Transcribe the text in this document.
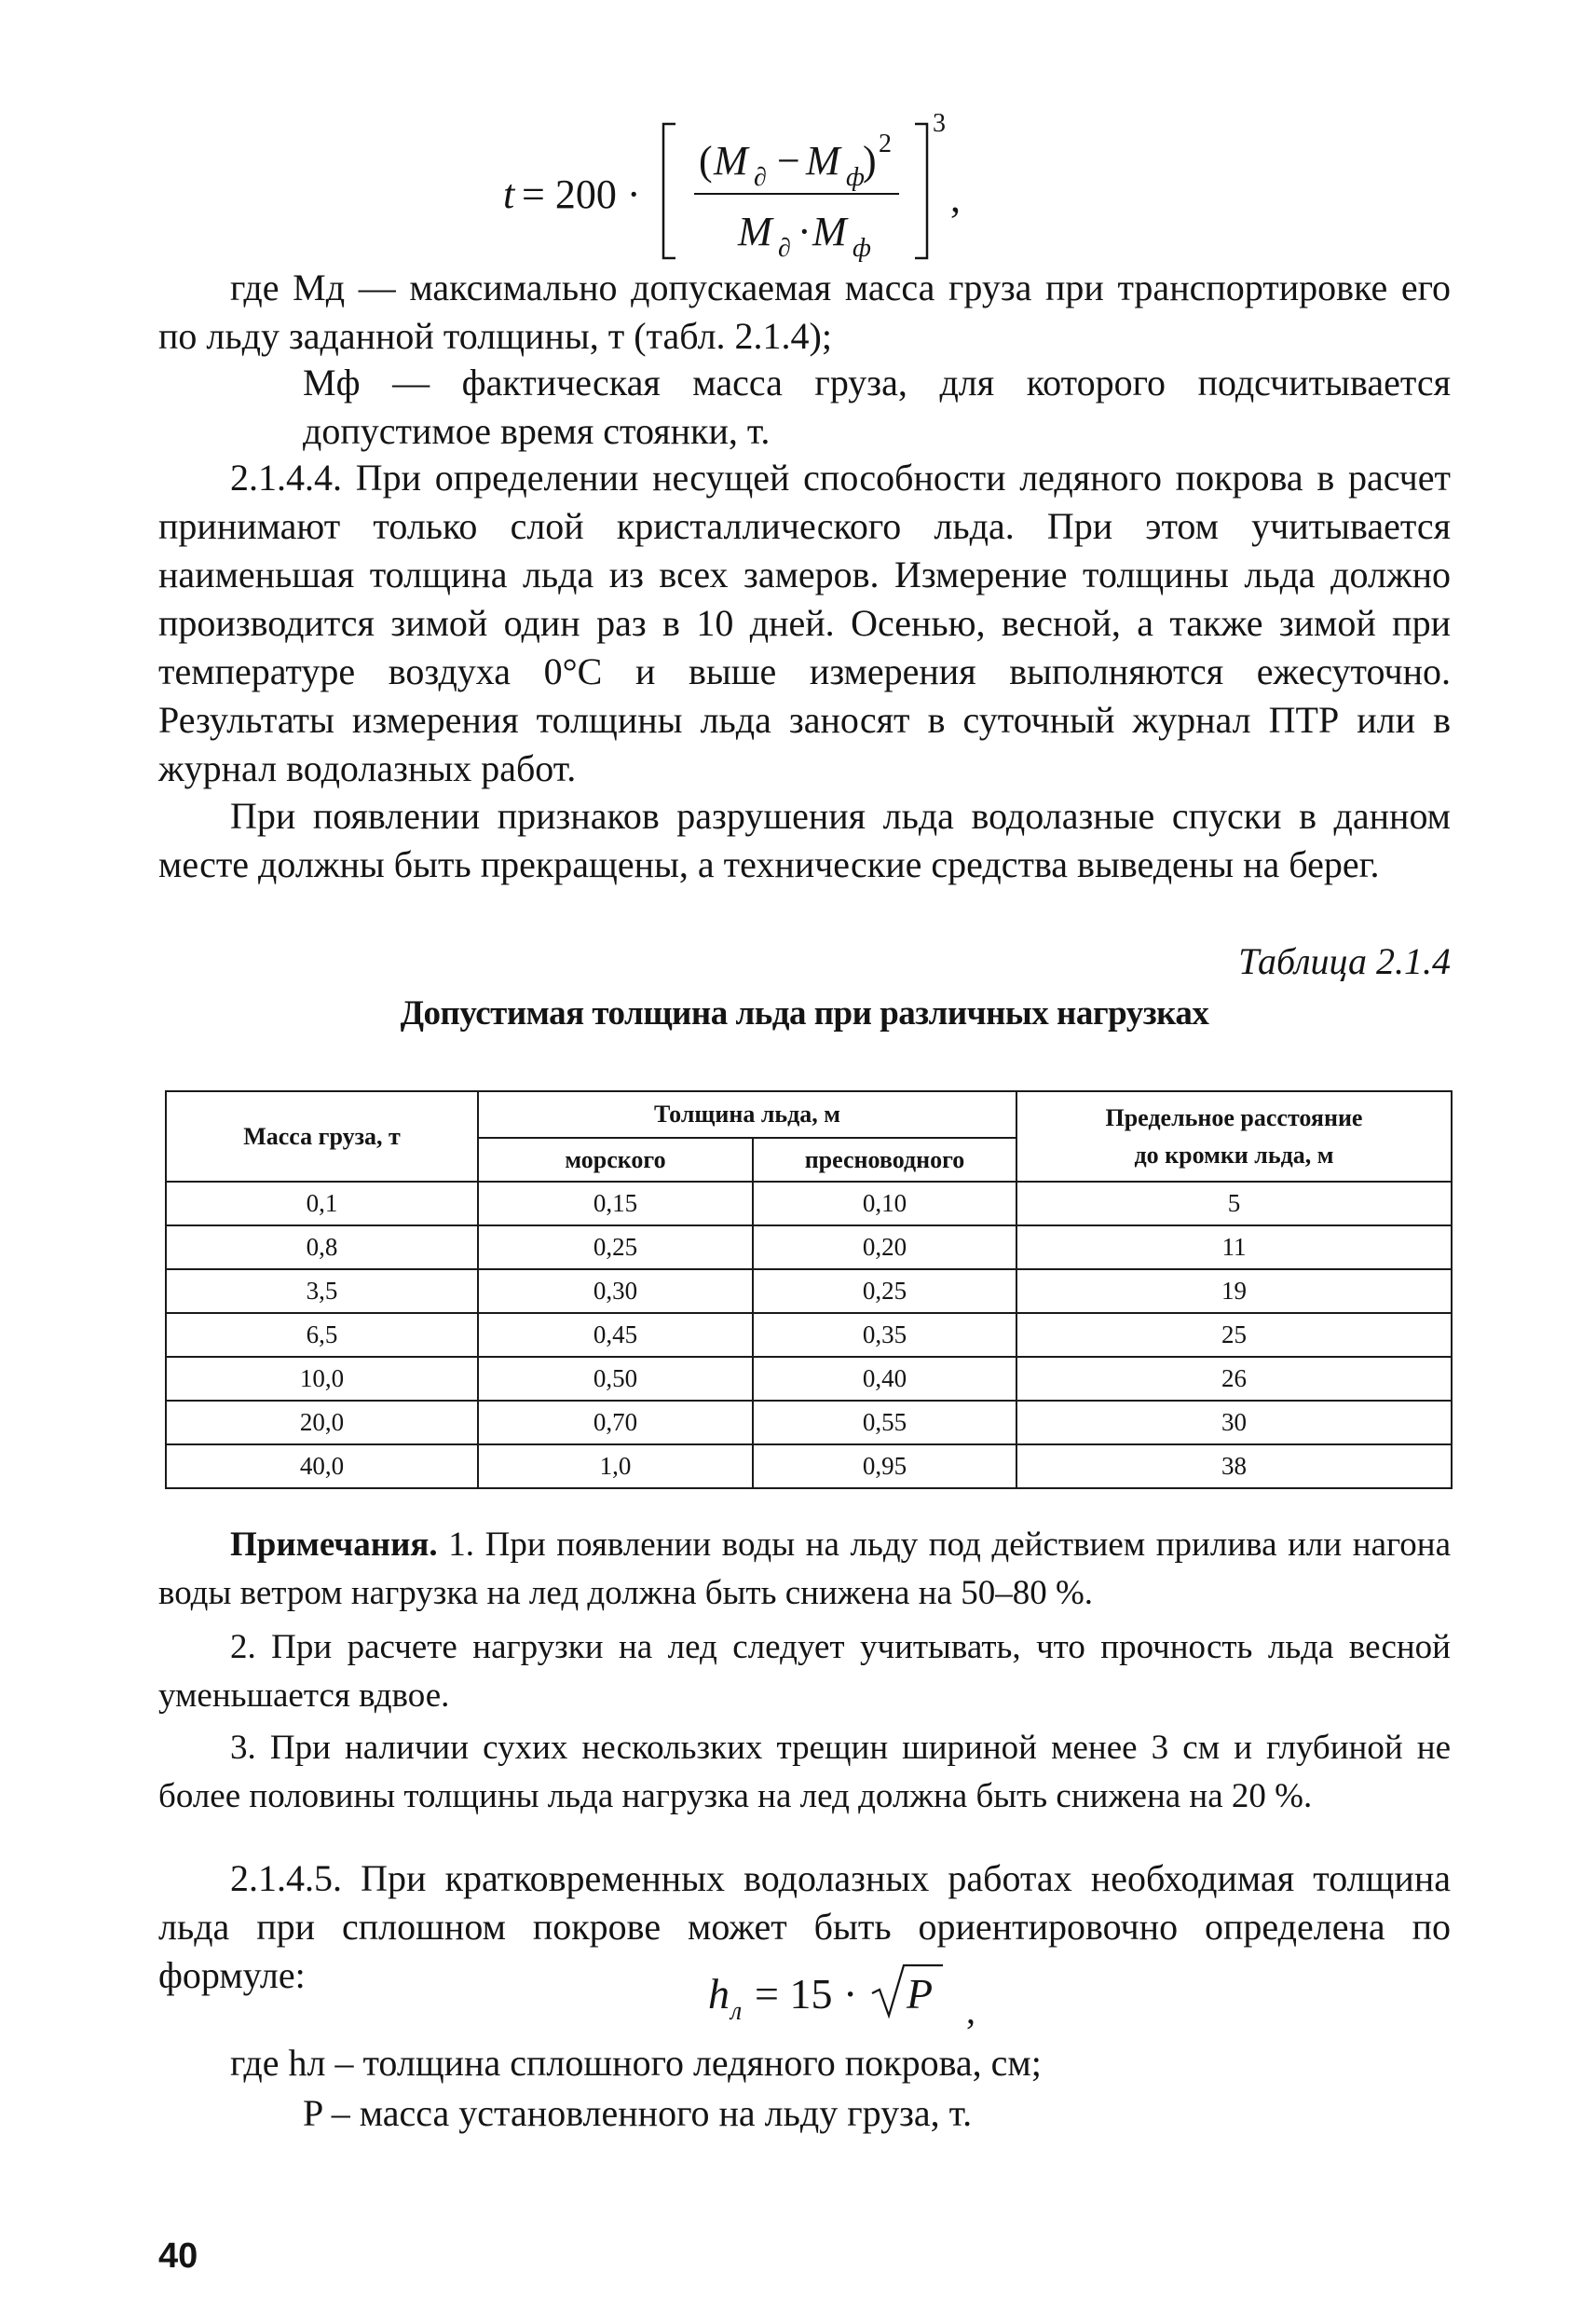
t = 200 ·
( M ∂ − M ф
) 2
M ∂ · M ф
3
,

где Mд — максимально допускаемая масса груза при транспортировке его по льду заданной толщины, т (табл. 2.1.4);

Mф — фактическая масса груза, для которого подсчитывается допустимое время стоянки, т.

2.1.4.4. При определении несущей способности ледяного покрова в расчет принимают только слой кристаллического льда. При этом учитывается наименьшая толщина льда из всех замеров. Измерение толщины льда должно производится зимой один раз в 10 дней. Осенью, весной, а также зимой при температуре воздуха 0°С и выше измерения выполняются ежесуточно. Результаты измерения толщины льда заносят в суточный журнал ПТР или в журнал водолазных работ.

При появлении признаков разрушения льда водолазные спуски в данном месте должны быть прекращены, а технические средства выведены на берег.

Таблица 2.1.4
Допустимая толщина льда при различных нагрузках
Масса груза, т	Толщина льда, м		Предельное расстояние
до кромки льда, м
	морского	пресноводного	
0,1	0,15	0,10	5
0,8	0,25	0,20	11
3,5	0,30	0,25	19
6,5	0,45	0,35	25
10,0	0,50	0,40	26
20,0	0,70	0,55	30
40,0	1,0	0,95	38

Примечания. 1. При появлении воды на льду под действием прилива или нагона воды ветром нагрузка на лед должна быть снижена на 50–80 %.

2. При расчете нагрузки на лед следует учитывать, что прочность льда весной уменьшается вдвое.

3. При наличии сухих нескользких трещин шириной менее 3 см и глубиной не более половины толщины льда нагрузка на лед должна быть снижена на 20 %.

2.1.4.5. При кратковременных водолазных работах необходимая толщина льда при сплошном покрове может быть ориентировочно определена по формуле:	h л = 15 · P ,

где hл – толщина сплошного ледяного покрова, см;

P – масса установленного на льду груза, т.

40
